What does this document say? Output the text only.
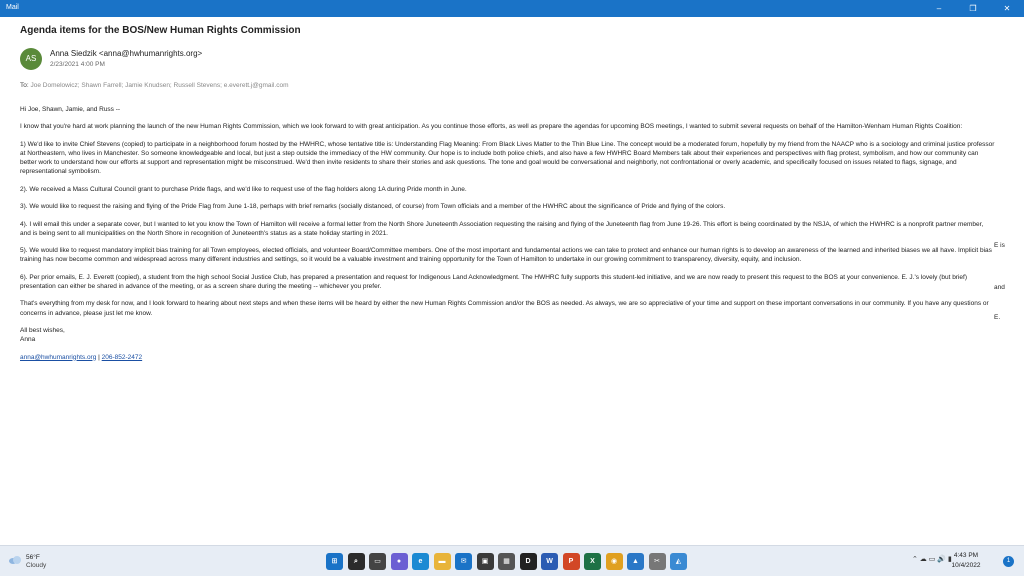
Mail	–	❐	✕
Agenda items for the BOS/New Human Rights Commission
AS
Anna Siedzik <anna@hwhumanrights.org>
2/23/2021 4:00 PM
To: Joe Domelowicz; Shawn Farrell; Jamie Knudsen; Russell Stevens; e.everett.j@gmail.com

Hi Joe, Shawn, Jamie, and Russ --

I know that you're hard at work planning the launch of the new Human Rights Commission, which we look forward to with great anticipation. As you continue those efforts, as well as prepare the agendas for upcoming BOS meetings, I wanted to submit several requests on behalf of the Hamilton-Wenham Human Rights Coalition:

1) We'd like to invite Chief Stevens (copied) to participate in a neighborhood forum hosted by the HWHRC, whose tentative title is: Understanding Flag Meaning: From Black Lives Matter to the Thin Blue Line. The concept would be a moderated forum, hopefully by my friend from the NAACP who is a sociology and criminal justice professor at Northeastern, who lives in Manchester. So someone knowledgeable and local, but just a step outside the immediacy of the HW community. Our hope is to include both police chiefs, and also have a few HWHRC Board Members talk about their experiences and perspectives with flag protest, symbolism, and how our community can better work to understand how our efforts at support and representation might be misconstrued. We'd then invite residents to share their stories and ask questions. The tone and goal would be conversational and neighborly, not confrontational or overly academic, and specifically focused on issues related to flags, signage, and representational symbolism.

2). We received a Mass Cultural Council grant to purchase Pride flags, and we'd like to request use of the flag holders along 1A during Pride month in June.

3). We would like to request the raising and flying of the Pride Flag from June 1-18, perhaps with brief remarks (socially distanced, of course) from Town officials and a member of the HWHRC about the significance of Pride and flying of the colors.

4). I will email this under a separate cover, but I wanted to let you know the Town of Hamilton will receive a formal letter from the North Shore Juneteenth Association requesting the raising and flying of the Juneteenth flag from June 19-26. This effort is being coordinated by the NSJA, of which the HWHRC is a nonprofit partner member, and is being sent to all municipalities on the North Shore in recognition of Juneteenth's status as a state holiday starting in 2021.

5). We would like to request mandatory implicit bias training for all Town employees, elected officials, and volunteer Board/Committee members. One of the most important and fundamental actions we can take to protect and enhance our human rights is to develop an awareness of the learned and inherited biases we all have. Implicit bias training has now become common and widespread across many different industries and settings, so it would be a valuable investment and training opportunity for the Town of Hamilton to undertake in our growing commitment to transparency, diversity, equity, and inclusion.

6). Per prior emails, E. J. Everett (copied), a student from the high school Social Justice Club, has prepared a presentation and request for Indigenous Land Acknowledgment. The HWHRC fully supports this student-led initiative, and we are now ready to present this request to the BOS at your convenience. E. J.'s lovely (but brief) presentation can either be shared in advance of the meeting, or as a screen share during the meeting -- whichever you prefer.

That's everything from my desk for now, and I look forward to hearing about next steps and when these items will be heard by either the new Human Rights Commission and/or the BOS as needed. As always, we are so appreciative of your time and support on these important conversations in our community. If you have any questions or concerns in advance, please just let me know.

All best wishes,
Anna

anna@hwhumanrights.org | 206-852-2472

E is
and
E.
56°F
Cloudy
⊞	⌕	▭	●	e	▬	✉	▣	▦	D	W	P	X	◉	▲	✂	◭	⌃ ☁ ▭ 🔊 ▮
4:43 PM
10/4/2022
1
